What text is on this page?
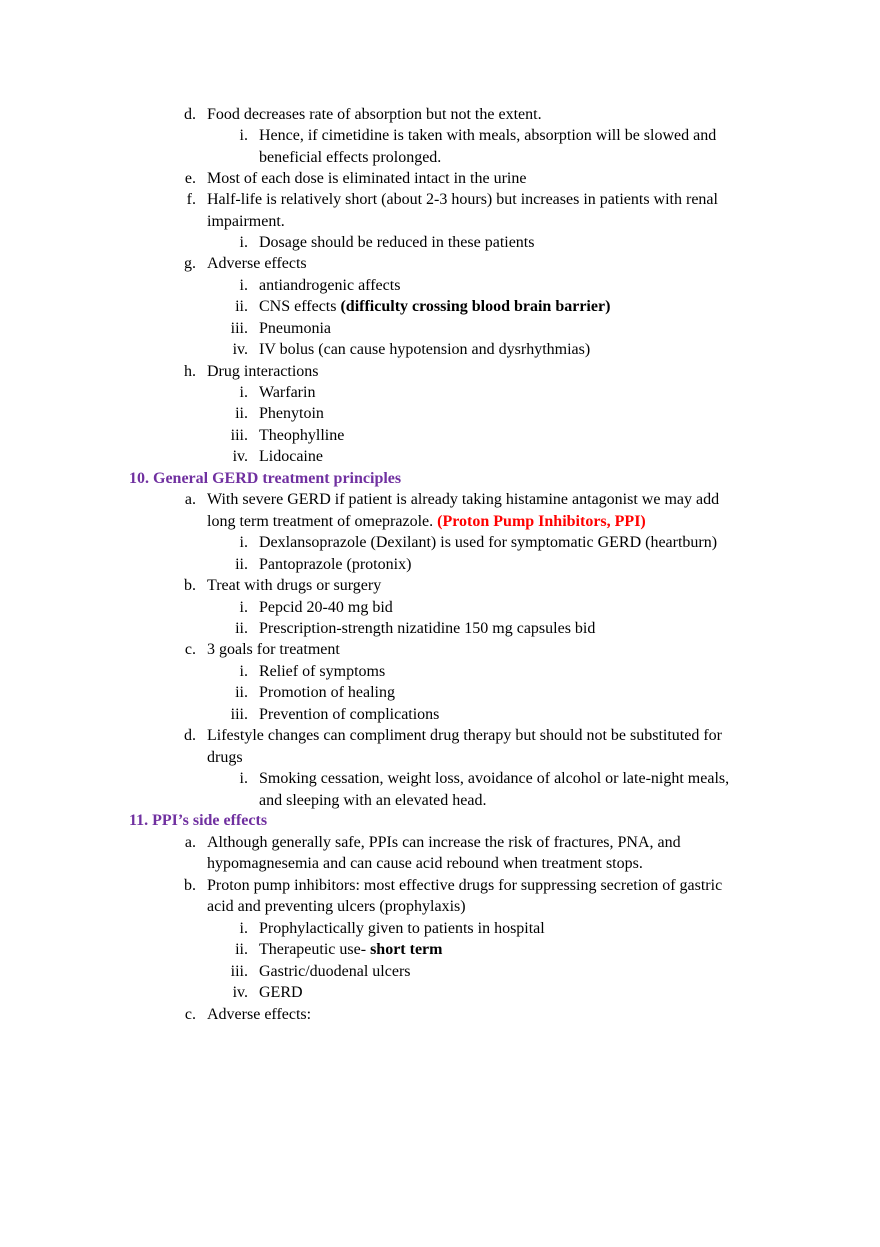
d. Food decreases rate of absorption but not the extent.
i. Hence, if cimetidine is taken with meals, absorption will be slowed and
beneficial effects prolonged.
e. Most of each dose is eliminated intact in the urine
f. Half-life is relatively short (about 2-3 hours) but increases in patients with renal
impairment.
i. Dosage should be reduced in these patients
g. Adverse effects
i. antiandrogenic affects
ii. CNS effects (difficulty crossing blood brain barrier)
iii. Pneumonia
iv. IV bolus (can cause hypotension and dysrhythmias)
h. Drug interactions
i. Warfarin
ii. Phenytoin
iii. Theophylline
iv. Lidocaine
10. General GERD treatment principles
a. With severe GERD if patient is already taking histamine antagonist we may add
long term treatment of omeprazole. (Proton Pump Inhibitors, PPI)
i. Dexlansoprazole (Dexilant) is used for symptomatic GERD (heartburn)
ii. Pantoprazole (protonix)
b. Treat with drugs or surgery
i. Pepcid 20-40 mg bid
ii. Prescription-strength nizatidine 150 mg capsules bid
c. 3 goals for treatment
i. Relief of symptoms
ii. Promotion of healing
iii. Prevention of complications
d. Lifestyle changes can compliment drug therapy but should not be substituted for
drugs
i. Smoking cessation, weight loss, avoidance of alcohol or late-night meals,
and sleeping with an elevated head.
11. PPI’s side effects
a. Although generally safe, PPIs can increase the risk of fractures, PNA, and
hypomagnesemia and can cause acid rebound when treatment stops.
b. Proton pump inhibitors: most effective drugs for suppressing secretion of gastric
acid and preventing ulcers (prophylaxis)
i. Prophylactically given to patients in hospital
ii. Therapeutic use- short term
iii. Gastric/duodenal ulcers
iv. GERD
c. Adverse effects:
